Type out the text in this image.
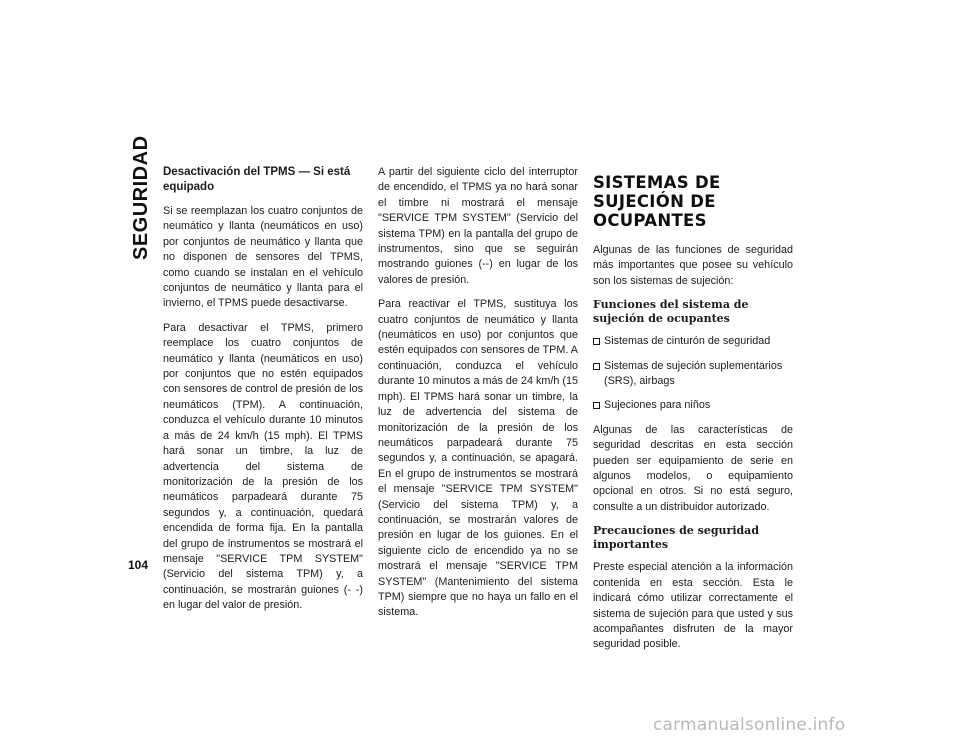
SEGURIDAD
104
Desactivación del TPMS — Si está equipado

Si se reemplazan los cuatro conjuntos de neumático y llanta (neumáticos en uso) por conjuntos de neumático y llanta que no disponen de sensores del TPMS, como cuando se instalan en el vehículo conjuntos de neumático y llanta para el invierno, el TPMS puede desactivarse.

Para desactivar el TPMS, primero reemplace los cuatro conjuntos de neumático y llanta (neumáticos en uso) por conjuntos que no estén equipados con sensores de control de presión de los neumáticos (TPM). A continuación, conduzca el vehículo durante 10 minutos a más de 24 km/h (15 mph). El TPMS hará sonar un timbre, la luz de advertencia del sistema de monitorización de la presión de los neumáticos parpadeará durante 75 segundos y, a continuación, quedará encendida de forma fija. En la pantalla del grupo de instrumentos se mostrará el mensaje "SERVICE TPM SYSTEM" (Servicio del sistema TPM) y, a continuación, se mostrarán guiones (- -) en lugar del valor de presión.

A partir del siguiente ciclo del interruptor de encendido, el TPMS ya no hará sonar el timbre ni mostrará el mensaje "SERVICE TPM SYSTEM" (Servicio del sistema TPM) en la pantalla del grupo de instrumentos, sino que se seguirán mostrando guiones (--) en lugar de los valores de presión.

Para reactivar el TPMS, sustituya los cuatro conjuntos de neumático y llanta (neumáticos en uso) por conjuntos que estén equipados con sensores de TPM. A continuación, conduzca el vehículo durante 10 minutos a más de 24 km/h (15 mph). El TPMS hará sonar un timbre, la luz de advertencia del sistema de monitorización de la presión de los neumáticos parpadeará durante 75 segundos y, a continuación, se apagará. En el grupo de instrumentos se mostrará el mensaje "SERVICE TPM SYSTEM" (Servicio del sistema TPM) y, a continuación, se mostrarán valores de presión en lugar de los guiones. En el siguiente ciclo de encendido ya no se mostrará el mensaje "SERVICE TPM SYSTEM" (Mantenimiento del sistema TPM) siempre que no haya un fallo en el sistema.

SISTEMAS DE SUJECIÓN DE OCUPANTES

Algunas de las funciones de seguridad más importantes que posee su vehículo son los sistemas de sujeción:

Funciones del sistema de sujeción de ocupantes
Sistemas de cinturón de seguridad
Sistemas de sujeción suplementarios (SRS), airbags
Sujeciones para niños

Algunas de las características de seguridad descritas en esta sección pueden ser equipamiento de serie en algunos modelos, o equipamiento opcional en otros. Si no está seguro, consulte a un distribuidor autorizado.

Precauciones de seguridad importantes

Preste especial atención a la información contenida en esta sección. Esta le indicará cómo utilizar correctamente el sistema de sujeción para que usted y sus acompañantes disfruten de la mayor seguridad posible.

carmanualsonline.info
